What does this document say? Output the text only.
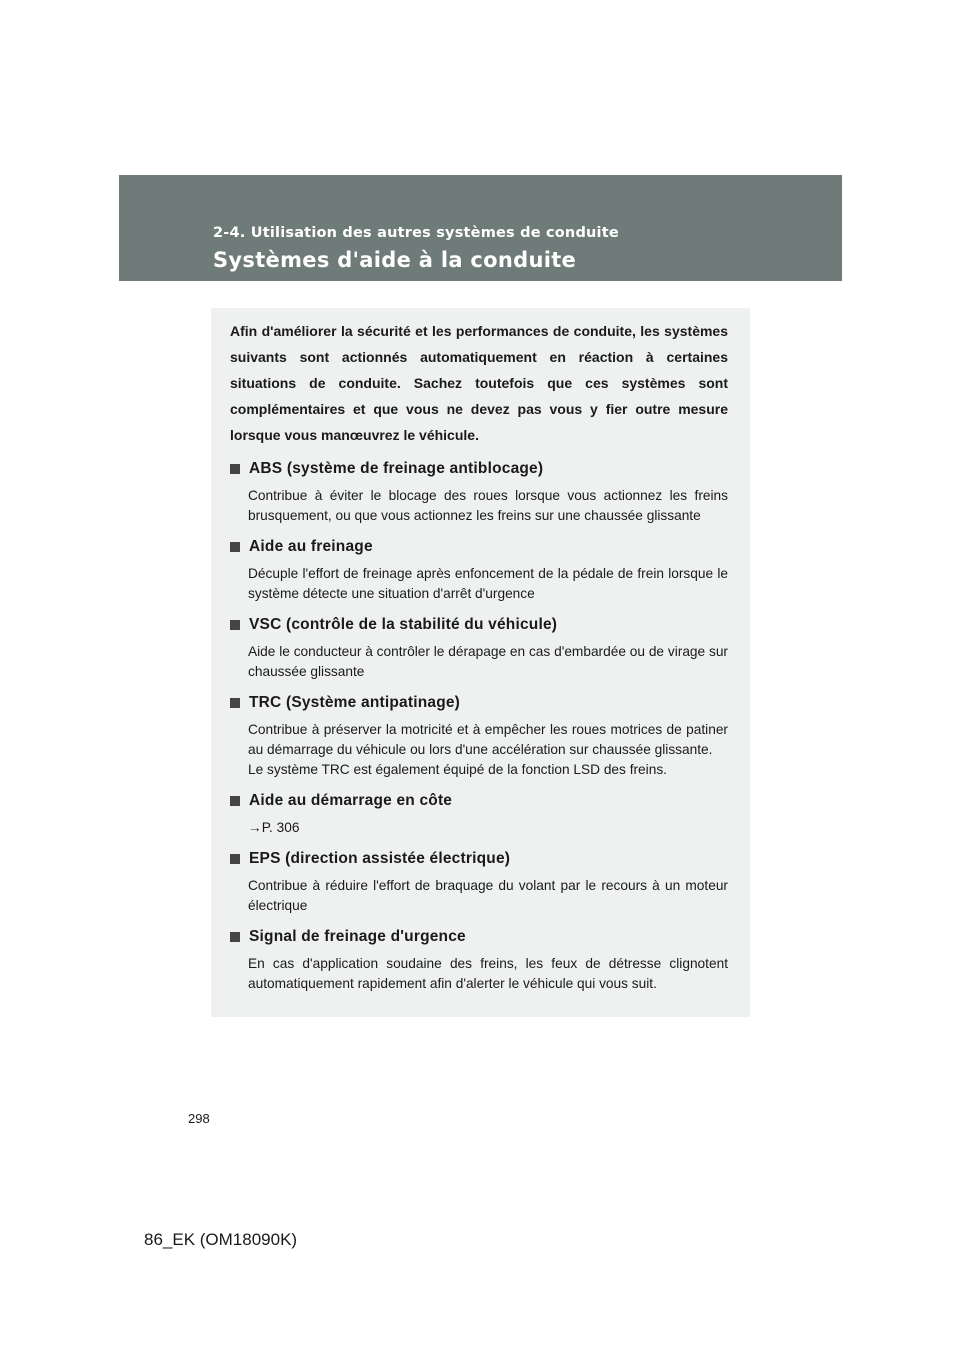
2-4. Utilisation des autres systèmes de conduite
Systèmes d'aide à la conduite

Afin d'améliorer la sécurité et les performances de conduite, les systèmes suivants sont actionnés automatiquement en réaction à certaines situations de conduite. Sachez toutefois que ces systèmes sont complémentaires et que vous ne devez pas vous y fier outre mesure lorsque vous manœuvrez le véhicule.

ABS (système de freinage antiblocage)

Contribue à éviter le blocage des roues lorsque vous actionnez les freins brusquement, ou que vous actionnez les freins sur une chaussée glissante

Aide au freinage

Décuple l'effort de freinage après enfoncement de la pédale de frein lorsque le système détecte une situation d'arrêt d'urgence

VSC (contrôle de la stabilité du véhicule)

Aide le conducteur à contrôler le dérapage en cas d'embardée ou de virage sur chaussée glissante

TRC (Système antipatinage)

Contribue à préserver la motricité et à empêcher les roues motrices de patiner au démarrage du véhicule ou lors d'une accélération sur chaussée glissante.

Le système TRC est également équipé de la fonction LSD des freins.

Aide au démarrage en côte

→P. 306

EPS (direction assistée électrique)

Contribue à réduire l'effort de braquage du volant par le recours à un moteur électrique

Signal de freinage d'urgence

En cas d'application soudaine des freins, les feux de détresse clignotent automatiquement rapidement afin d'alerter le véhicule qui vous suit.

298
86_EK (OM18090K)
